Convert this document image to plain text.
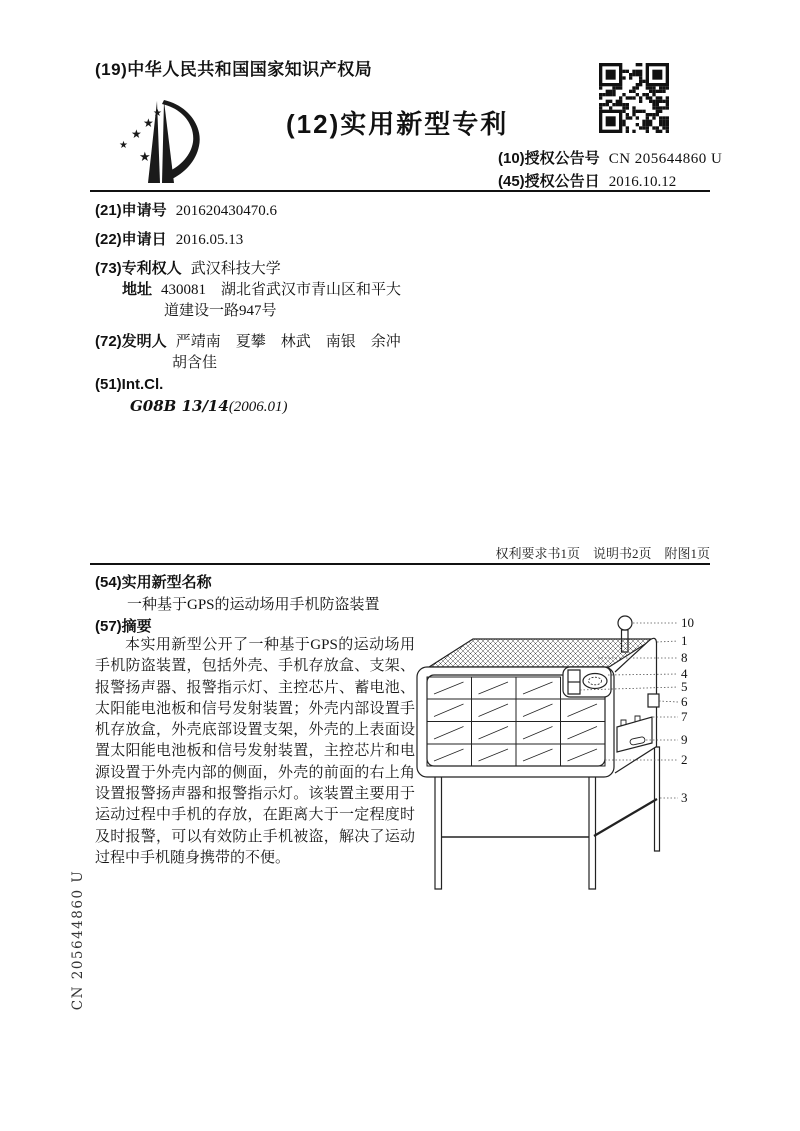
(19)中华人民共和国国家知识产权局
★
★
★
★
★
(12)实用新型专利
(10)授权公告号 CN 205644860 U
(45)授权公告日 2016.10.12
(21)申请号 201620430470.6
(22)申请日 2016.05.13
(73)专利权人 武汉科技大学
地址 430081　湖北省武汉市青山区和平大
道建设一路947号
(72)发明人 严靖南　夏攀　林武　南银　余冲
胡含佳
(51)Int.Cl.
G08B 13/14(2006.01)
权利要求书1页　说明书2页　附图1页
(54)实用新型名称
一种基于GPS的运动场用手机防盗装置
(57)摘要
本实用新型公开了一种基于GPS的运动场用手机防盗装置，包括外壳、手机存放盒、支架、报警扬声器、报警指示灯、主控芯片、蓄电池、太阳能电池板和信号发射装置；外壳内部设置手机存放盒，外壳底部设置支架，外壳的上表面设置太阳能电池板和信号发射装置，主控芯片和电源设置于外壳内部的侧面，外壳的前面的右上角设置报警扬声器和报警指示灯。该装置主要用于运动过程中手机的存放，在距离大于一定程度时及时报警，可以有效防止手机被盗，解决了运动过程中手机随身携带的不便。
10
1
8
4
5
6
7
9
2
3
CN 205644860 U
